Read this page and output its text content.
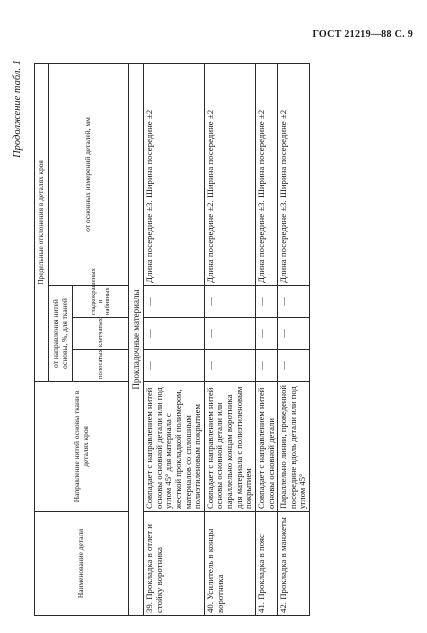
ГОСТ 21219—88 С. 9
Продолжение табл. 1
Наименование детали	Направление нитей основы ткани в деталях кроя	Предельные отклонения в деталях кроя			
		от направления нитей основы, %, для тканей			от основных измерений деталей, мм
		полосатых	клетчатых	гладкокрашеных и набивных	
Прокладочные материалы					
39. Прокладка в отлет и стойку воротника	Совпадает с направлением нитей основы основной детали или под углом 45° для материала с жесткой прокладкой полимером, материалов со сплошным полиэтиленовым покрытием	—	—	—	Длина посередине ±3. Ширина посередине ±2
40. Усилитель в концы воротника	Совпадает с направлением нитей основы основной детали или параллельно концам воротника для материала с полиэтиленовым покрытием	—	—	—	Длина посередине ±2. Ширина посередине ±2
41. Прокладка в пояс	Совпадает с направлением нитей основы основной детали	—	—	—	Длина посередине ±3. Ширина посередине ±2
42. Прокладка в манжеты	Параллельно линии, проведенной посередине вдоль детали или под углом 45°	—	—	—	Длина посередине ±3. Ширина посередине ±2
